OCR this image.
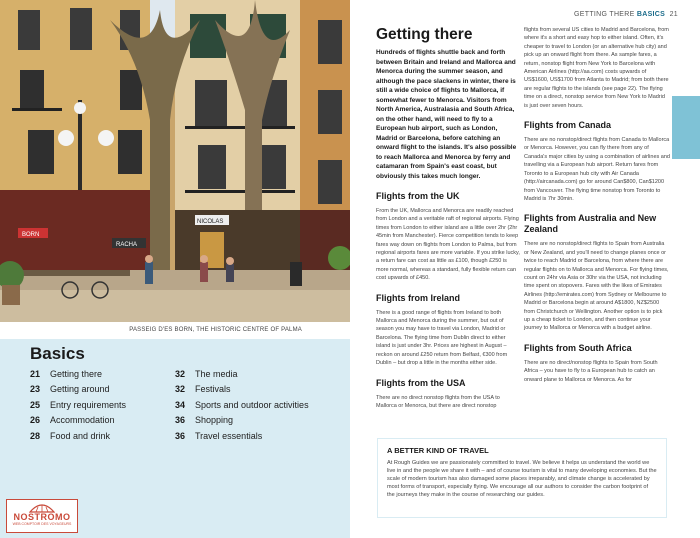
NICOLAS
BORN
RACHA
PASSEIG D'ES BORN, THE HISTORIC CENTRE OF PALMA
Basics
21	Getting there	32	The media
23	Getting around	32	Festivals
25	Entry requirements	34	Sports and outdoor activities
26	Accommodation	36	Shopping
28	Food and drink	36	Travel essentials
NOSTROMO
WEB COMPTOIR DES VOYAGEURS
GETTING THERE BASICS 21
Getting there

Hundreds of flights shuttle back and forth between Britain and Ireland and Mallorca and Menorca during the summer season, and although the pace slackens in winter, there is still a wide choice of flights to Mallorca, if somewhat fewer to Menorca. Visitors from North America, Australasia and South Africa, on the other hand, will need to fly to a European hub airport, such as London, Madrid or Barcelona, before catching an onward flight to the islands. It's also possible to reach Mallorca and Menorca by ferry and catamaran from Spain's east coast, but obviously this takes much longer.

Flights from the UK

From the UK, Mallorca and Menorca are readily reached from London and a veritable raft of regional airports. Flying times from London to either island are a little over 2hr (2hr 45min from Manchester). Fierce competition tends to keep fares way down on flights from London to Palma, but from regional airports fares are more variable. If you strike lucky, a return fare can cost as little as £100, though £250 is more normal, whereas a standard, fully flexible return can cost upwards of £450.

Flights from Ireland

There is a good range of flights from Ireland to both Mallorca and Menorca during the summer, but out of season you may have to travel via London, Madrid or Barcelona. The flying time from Dublin direct to either island is just under 3hr. Prices are highest in August – reckon on around £250 return from Belfast, €300 from Dublin – but drop a little in the months either side.

Flights from the USA

There are no direct nonstop flights from the USA to Mallorca or Menorca, but there are direct nonstop

flights from several US cities to Madrid and Barcelona, from where it's a short and easy hop to either island. Often, it's cheaper to travel to London (or an alternative hub city) and pick up an onward flight from there. As sample fares, a return, nonstop flight from New York to Barcelona with American Airlines (http://aa.com) costs upwards of US$1600, US$1700 from Atlanta to Madrid; from both there are regular flights to the islands (see page 22). The flying time on a direct, nonstop service from New York to Madrid is just over seven hours.

Flights from Canada

There are no nonstop/direct flights from Canada to Mallorca or Menorca. However, you can fly there from any of Canada's major cities by using a combination of airlines and travelling via a European hub airport. Return fares from Toronto to a European hub city with Air Canada (http://aircanada.com) go for around Can$800, Can$1200 from Vancouver. The flying time nonstop from Toronto to Madrid is 7hr 30min.

Flights from Australia and New Zealand

There are no nonstop/direct flights to Spain from Australia or New Zealand, and you'll need to change planes once or twice to reach Madrid or Barcelona, from where there are regular flights on to Mallorca and Menorca. For flying times, count on 24hr via Asia or 30hr via the USA, not including time spent on stopovers. Fares with the likes of Emirates Airlines (http://emirates.com) from Sydney or Melbourne to Madrid or Barcelona begin at around A$1800, NZ$2500 from Christchurch or Wellington. Another option is to pick up a cheap ticket to London, and then continue your journey to Mallorca or Menorca with a budget airline.

Flights from South Africa

There are no direct/nonstop flights to Spain from South Africa – you have to fly to a European hub to catch an onward plane to Mallorca or Menorca. As for

A BETTER KIND OF TRAVEL

At Rough Guides we are passionately committed to travel. We believe it helps us understand the world we live in and the people we share it with – and of course tourism is vital to many developing economies. But the scale of modern tourism has also damaged some places irreparably, and climate change is accelerated by most forms of transport, especially flying. We encourage all our authors to consider the carbon footprint of the journeys they make in the course of researching our guides.
